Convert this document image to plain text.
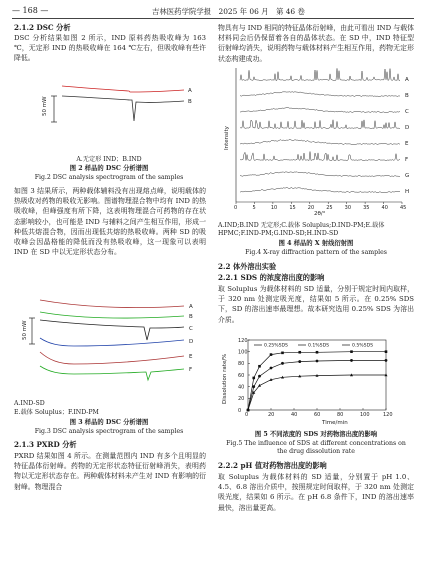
— 168 —	吉林医药学院学报　2025 年 06 月　第 46 卷
2.1.2 DSC 分析
DSC 分析结果如图 2 所示，IND 原料药热吸收峰为 163 ℃，无定形 IND 的热吸收峰在 164 ℃左右，但吸收峰有些许降低。
50 mW
A
B
A.无定形 IND；B.IND
图 2 样品的 DSC 分析谱图
Fig.2 DSC analysis spectrogram of the samples
如图 3 结果所示，两种载体辅料没有出现熔点峰，说明载体的热吸收对药物的吸收无影响。图谱物理混合物中均有 IND 的热吸收峰，但峰强度有所下降，这表明物理混合可药物的存在状态影响较小，也可能是 IND 与辅料之间产生相互作用，形成一种低共熔混合物，因而出现低共熔的热吸收峰。两种 SD 的吸收峰会因晶格能的降低而没有热吸收峰，这一现象可以表明 IND 在 SD 中以无定形状态分布。
50 mW
A
B
C
D
E
F
A.IND-SD
E.载体 Soluplus；F.IND-PM
图 3 样品的 DSC 分析谱图
Fig.3 DSC analysis spectrogram of the samples
2.1.3 PXRD 分析
PXRD 结果如图 4 所示。在测量范围内 IND 有多个且明显的特征晶体衍射峰。药物的无定形状态特征衍射峰消失，表明药物以无定形状态存在。两种载体材料未产生对 IND 有影响的衍射峰。物理混合
物具有与 IND 相同的特征晶体衍射峰，由此可看出 IND 与载体材料同会后仍保留着各自的晶体状态。在 SD 中，IND 特征型衍射峰均消失，说明药物与载体材料产生相互作用，药物无定形状态构建成功。
Intensity
A
B
C
D
E
F
G
H
0	5	10 15 20 25 30 35 40 45
2θ/°
A.IND;B.IND 无定形;C.载体 Soluplus;D.IND-PM;E.载体 HPMC;F.IND-PM;G.IND-SD;H.IND-SD
图 4 样品的 X 射线衍射图
Fig.4 X-ray diffraction pattern of the samples
2.2 体外溶出实验
2.2.1 SDS 的浓度溶出度的影响
取 Soluplus 为载体材料的 SD 适量，分别于规定时间内取样，于 320 nm 处测定吸光度，结果如 5 所示。在 0.25% SDS 下，SD 的溶出速率最理想。故本研究选用 0.25% SDS 为溶出介质。
Dissolution rate/%
0	20	40	60	80	100	120
0
20
40
60
80
100
120
0.25%SDS	0.1%SDS	0.5%SDS
Time/min
图 5 不同浓度的 SDS 对药物溶出度的影响
Fig.5 The influence of SDS at different concentrations on
the drug dissolution rate
2.2.2 pH 值对药物溶出度的影响
取 Soluplus 为载体材料的 SD 适量，分别置于 pH 1.0、4.5、6.8 溶出介质中，按照规定时间取样，于 320 nm 处测定吸光度，结果如 6 所示。在 pH 6.8 条件下，IND 的溶出速率最快，溶出量更高。
